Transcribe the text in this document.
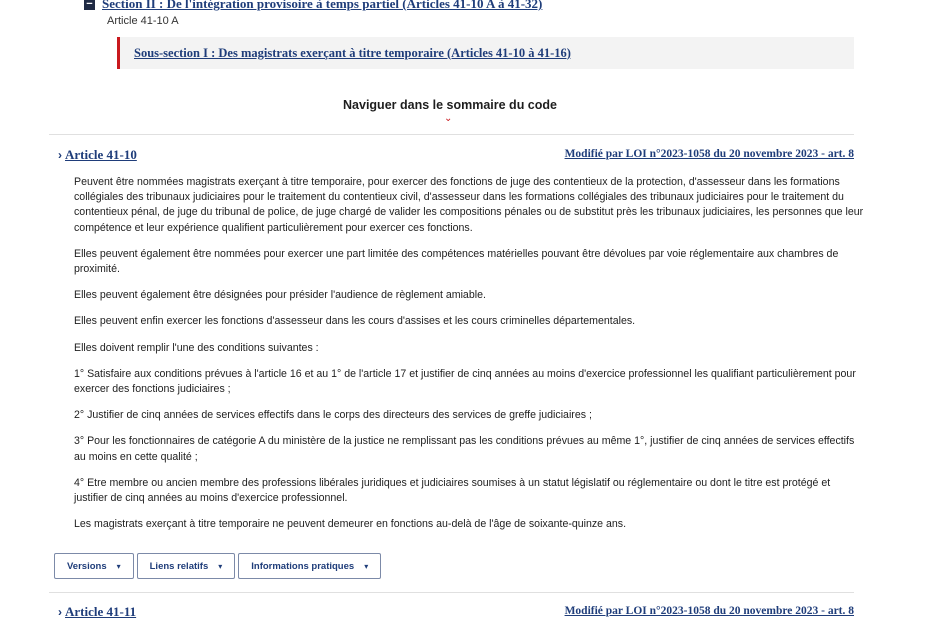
− Section II : De l'intégration provisoire à temps partiel (Articles 41-10 A à 41-32)
Article 41-10 A
Sous-section I : Des magistrats exerçant à titre temporaire (Articles 41-10 à 41-16)
Naviguer dans le sommaire du code
⌄
› Article 41-10	Modifié par LOI n°2023-1058 du 20 novembre 2023 - art. 8

Peuvent être nommées magistrats exerçant à titre temporaire, pour exercer des fonctions de juge des contentieux de la protection, d'assesseur dans les formations collégiales des tribunaux judiciaires pour le traitement du contentieux civil, d'assesseur dans les formations collégiales des tribunaux judiciaires pour le traitement du contentieux pénal, de juge du tribunal de police, de juge chargé de valider les compositions pénales ou de substitut près les tribunaux judiciaires, les personnes que leur compétence et leur expérience qualifient particulièrement pour exercer ces fonctions.

Elles peuvent également être nommées pour exercer une part limitée des compétences matérielles pouvant être dévolues par voie réglementaire aux chambres de proximité.

Elles peuvent également être désignées pour présider l'audience de règlement amiable.

Elles peuvent enfin exercer les fonctions d'assesseur dans les cours d'assises et les cours criminelles départementales.

Elles doivent remplir l'une des conditions suivantes :

1° Satisfaire aux conditions prévues à l'article 16 et au 1° de l'article 17 et justifier de cinq années au moins d'exercice professionnel les qualifiant particulièrement pour exercer des fonctions judiciaires ;

2° Justifier de cinq années de services effectifs dans le corps des directeurs des services de greffe judiciaires ;

3° Pour les fonctionnaires de catégorie A du ministère de la justice ne remplissant pas les conditions prévues au même 1°, justifier de cinq années de services effectifs au moins en cette qualité ;

4° Etre membre ou ancien membre des professions libérales juridiques et judiciaires soumises à un statut législatif ou réglementaire ou dont le titre est protégé et justifier de cinq années au moins d'exercice professionnel.

Les magistrats exerçant à titre temporaire ne peuvent demeurer en fonctions au-delà de l'âge de soixante-quinze ans.

Versions ▾	Liens relatifs ▾	Informations pratiques ▾
› Article 41-11	Modifié par LOI n°2023-1058 du 20 novembre 2023 - art. 8
